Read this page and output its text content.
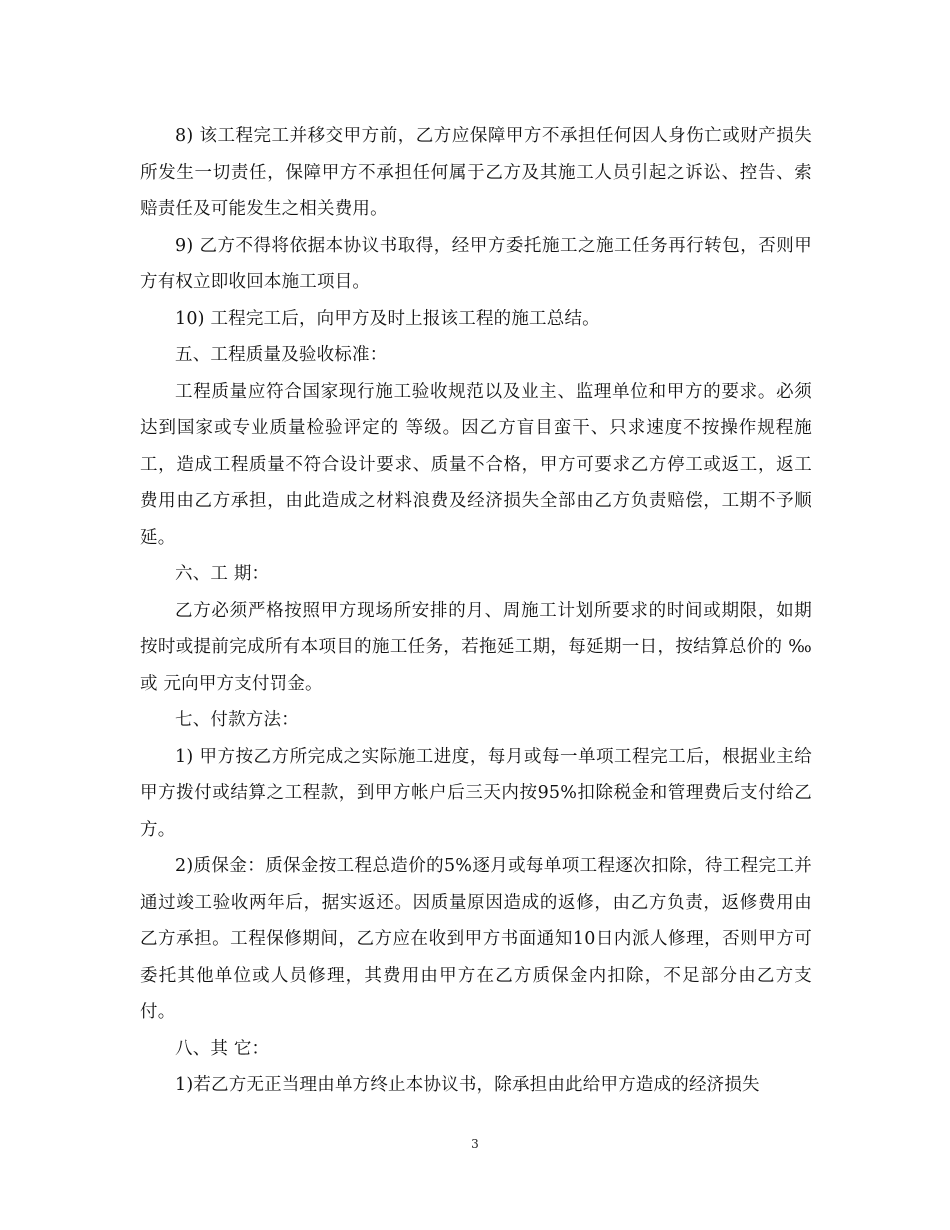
8) 该工程完工并移交甲方前，乙方应保障甲方不承担任何因人身伤亡或财产损失所发生一切责任，保障甲方不承担任何属于乙方及其施工人员引起之诉讼、控告、索赔责任及可能发生之相关费用。

9) 乙方不得将依据本协议书取得，经甲方委托施工之施工任务再行转包，否则甲方有权立即收回本施工项目。

10) 工程完工后，向甲方及时上报该工程的施工总结。

五、工程质量及验收标准：

工程质量应符合国家现行施工验收规范以及业主、监理单位和甲方的要求。必须达到国家或专业质量检验评定的 等级。因乙方盲目蛮干、只求速度不按操作规程施工，造成工程质量不符合设计要求、质量不合格，甲方可要求乙方停工或返工，返工费用由乙方承担，由此造成之材料浪费及经济损失全部由乙方负责赔偿，工期不予顺延。

六、工 期：

乙方必须严格按照甲方现场所安排的月、周施工计划所要求的时间或期限，如期按时或提前完成所有本项目的施工任务，若拖延工期，每延期一日，按结算总价的 ‰或 元向甲方支付罚金。

七、付款方法：

1) 甲方按乙方所完成之实际施工进度，每月或每一单项工程完工后，根据业主给甲方拨付或结算之工程款，到甲方帐户后三天内按95%扣除税金和管理费后支付给乙方。

2)质保金：质保金按工程总造价的5%逐月或每单项工程逐次扣除，待工程完工并通过竣工验收两年后，据实返还。因质量原因造成的返修，由乙方负责，返修费用由乙方承担。工程保修期间，乙方应在收到甲方书面通知10日内派人修理，否则甲方可委托其他单位或人员修理，其费用由甲方在乙方质保金内扣除，不足部分由乙方支付。

八、其 它：

1)若乙方无正当理由单方终止本协议书，除承担由此给甲方造成的经济损失

3
